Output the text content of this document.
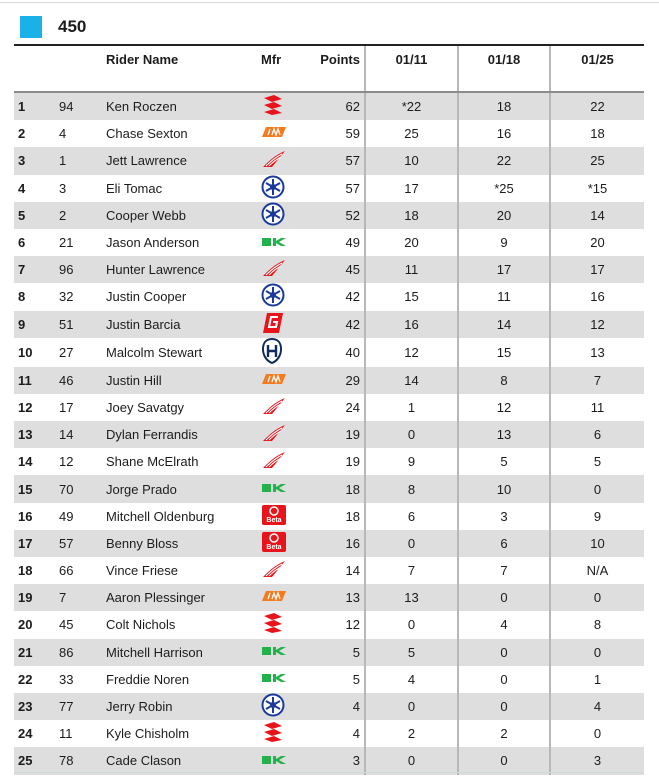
450
		Rider Name	Mfr	Points	01/11	01/18	01/25
1	94	Ken Roczen		62	*22	18	22
2	4	Chase Sexton		59	25	16	18
3	1	Jett Lawrence		57	10	22	25
4	3	Eli Tomac		57	17	*25	*15
5	2	Cooper Webb		52	18	20	14
6	21	Jason Anderson		49	20	9	20
7	96	Hunter Lawrence		45	11	17	17
8	32	Justin Cooper		42	15	11	16
9	51	Justin Barcia		42	16	14	12
10	27	Malcolm Stewart		40	12	15	13
11	46	Justin Hill		29	14	8	7
12	17	Joey Savatgy		24	1	12	11
13	14	Dylan Ferrandis		19	0	13	6
14	12	Shane McElrath		19	9	5	5
15	70	Jorge Prado		18	8	10	0
16	49	Mitchell Oldenburg	Beta	18	6	3	9
17	57	Benny Bloss	Beta	16	0	6	10
18	66	Vince Friese		14	7	7	N/A
19	7	Aaron Plessinger		13	13	0	0
20	45	Colt Nichols		12	0	4	8
21	86	Mitchell Harrison		5	5	0	0
22	33	Freddie Noren		5	4	0	1
23	77	Jerry Robin		4	0	0	4
24	11	Kyle Chisholm		4	2	2	0
25	78	Cade Clason		3	0	0	3
